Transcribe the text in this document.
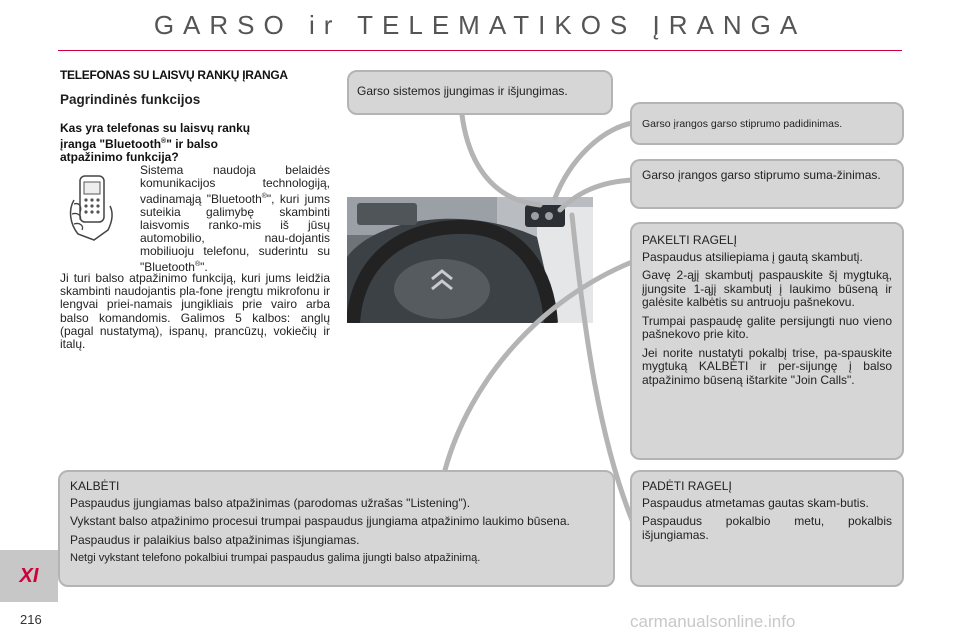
GARSO ir TELEMATIKOS ĮRANGA
TELEFONAS SU LAISVŲ RANKŲ ĮRANGA
Pagrindinės funkcijos
Kas yra telefonas su laisvų rankų
įranga "Bluetooth®" ir balso
atpažinimo funkcija?
Sistema naudoja belaidės komunikacijos technologiją, vadinamąją "Bluetooth®", kuri jums suteikia galimybę skambinti laisvomis ranko-mis iš jūsų automobilio, nau-dojantis mobiliuoju telefonu, suderintu su "Bluetooth®".
Ji turi balso atpažinimo funkciją, kuri jums leidžia skambinti naudojantis pla-fone įrengtu mikrofonu ir lengvai priei-namais jungikliais prie vairo arba balso komandomis. Galimos 5 kalbos: anglų (pagal nustatymą), ispanų, prancūzų, vokiečių ir italų.
Garso sistemos įjungimas ir išjungimas.
Garso įrangos garso stiprumo padidinimas.

Garso įrangos garso stiprumo suma-žinimas.

PAKELTI RAGELĮ

Paspaudus atsiliepiama į gautą skambutį.

Gavę 2-ąjį skambutį paspauskite šį mygtuką, įjungsite 1-ąjį skambutį į laukimo būseną ir galėsite kalbėtis su antruoju pašnekovu.

Trumpai paspaudę galite persijungti nuo vieno pašnekovo prie kito.

Jei norite nustatyti pokalbį trise, pa-spauskite mygtuką KALBĖTI ir per-sijungę į balso atpažinimo būseną ištarkite "Join Calls".

KALBĖTI

Paspaudus įjungiamas balso atpažinimas (parodomas užrašas "Listening").

Vykstant balso atpažinimo procesui trumpai paspaudus įjungiama atpažinimo laukimo būsena.

Paspaudus ir palaikius balso atpažinimas išjungiamas.

Netgi vykstant telefono pokalbiui trumpai paspaudus galima įjungti balso atpažinimą.

PADĖTI RAGELĮ

Paspaudus atmetamas gautas skam-butis.

Paspaudus pokalbio metu, pokalbis išjungiamas.

XI
216	carmanualsonline.info
